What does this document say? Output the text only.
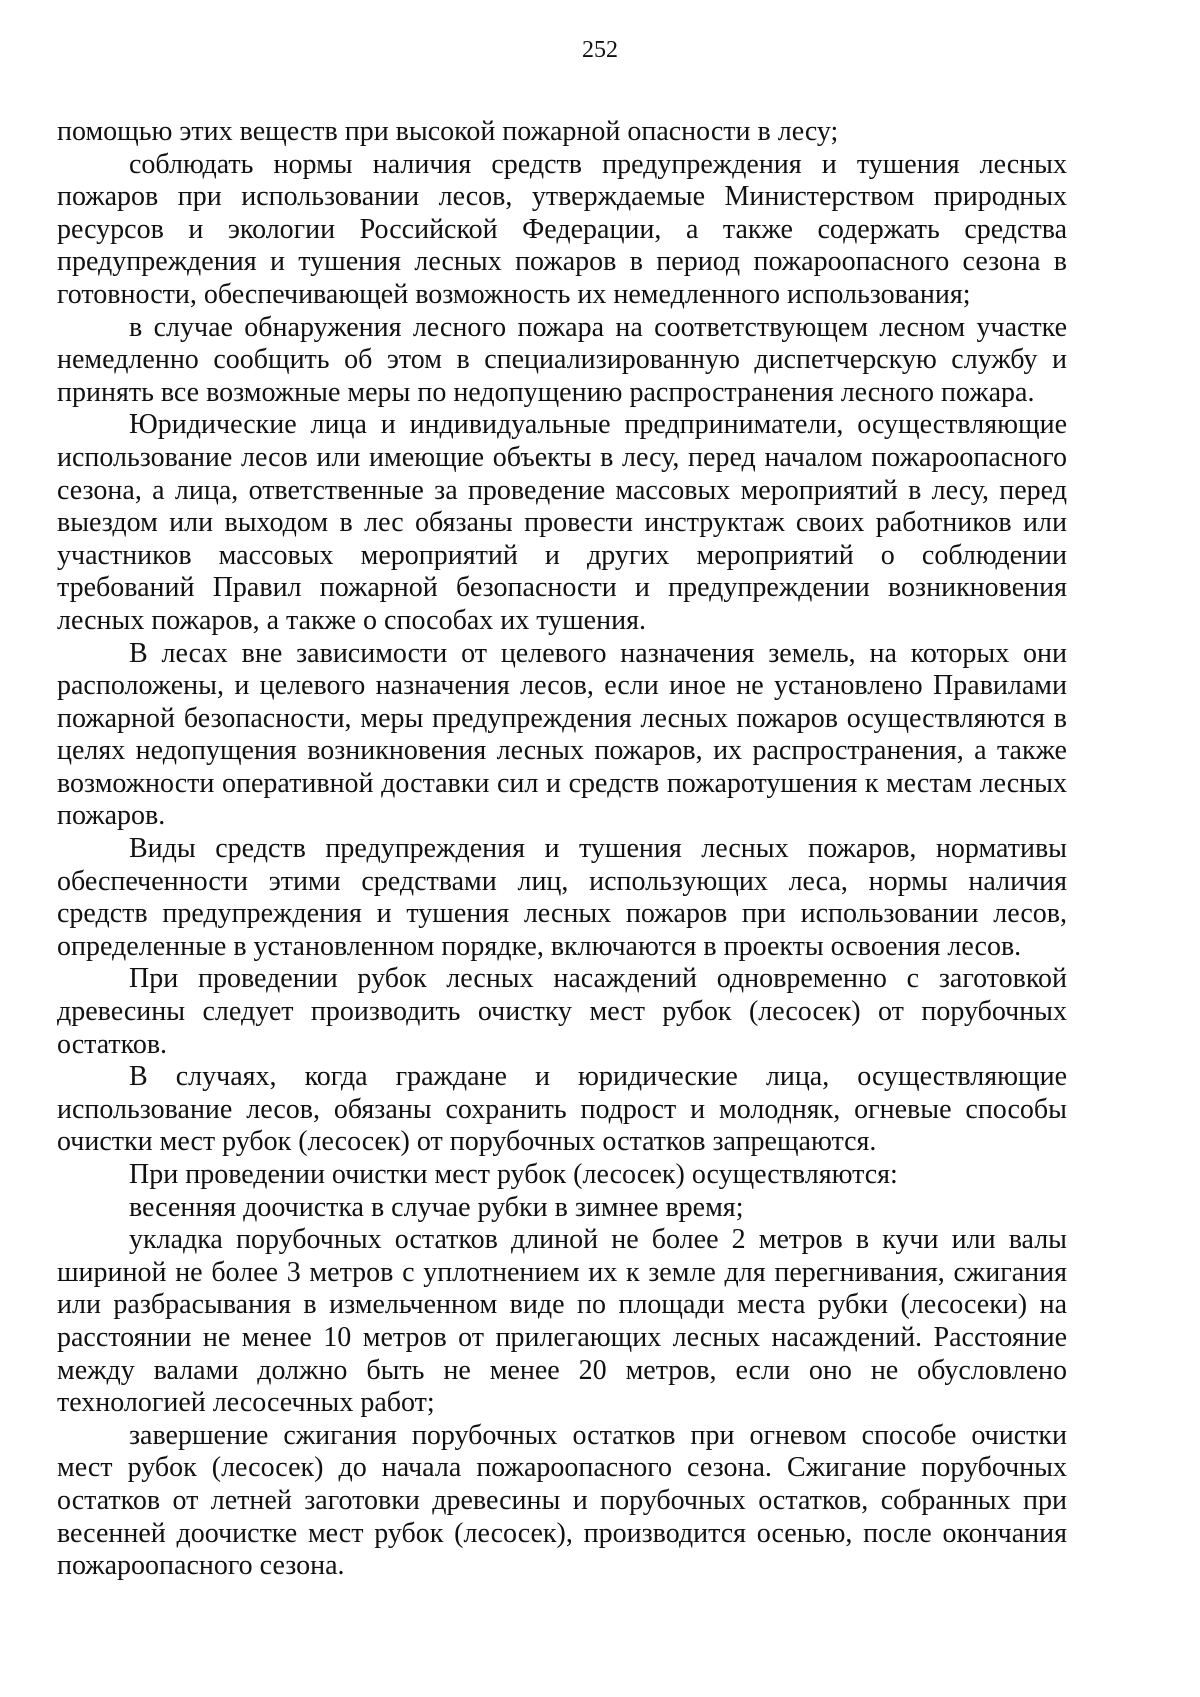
252

помощью этих веществ при высокой пожарной опасности в лесу;

соблюдать нормы наличия средств предупреждения и тушения лесных пожаров при использовании лесов, утверждаемые Министерством природных ресурсов и экологии Российской Федерации, а также содержать средства предупреждения и тушения лесных пожаров в период пожароопасного сезона в готовности, обеспечивающей возможность их немедленного использования;

в случае обнаружения лесного пожара на соответствующем лесном участке немедленно сообщить об этом в специализированную диспетчерскую службу и принять все возможные меры по недопущению распространения лесного пожара.

Юридические лица и индивидуальные предприниматели, осуществляющие использование лесов или имеющие объекты в лесу, перед началом пожароопасного сезона, а лица, ответственные за проведение массовых мероприятий в лесу, перед выездом или выходом в лес обязаны провести инструктаж своих работников или участников массовых мероприятий и других мероприятий о соблюдении требований Правил пожарной безопасности и предупреждении возникновения лесных пожаров, а также о способах их тушения.

В лесах вне зависимости от целевого назначения земель, на которых они расположены, и целевого назначения лесов, если иное не установлено Правилами пожарной безопасности, меры предупреждения лесных пожаров осуществляются в целях недопущения возникновения лесных пожаров, их распространения, а также возможности оперативной доставки сил и средств пожаротушения к местам лесных пожаров.

Виды средств предупреждения и тушения лесных пожаров, нормативы обеспеченности этими средствами лиц, использующих леса, нормы наличия средств предупреждения и тушения лесных пожаров при использовании лесов, определенные в установленном порядке, включаются в проекты освоения лесов.

При проведении рубок лесных насаждений одновременно с заготовкой древесины следует производить очистку мест рубок (лесосек) от порубочных остатков.

В случаях, когда граждане и юридические лица, осуществляющие использование лесов, обязаны сохранить подрост и молодняк, огневые способы очистки мест рубок (лесосек) от порубочных остатков запрещаются.

При проведении очистки мест рубок (лесосек) осуществляются:

весенняя доочистка в случае рубки в зимнее время;

укладка порубочных остатков длиной не более 2 метров в кучи или валы шириной не более 3 метров с уплотнением их к земле для перегнивания, сжигания или разбрасывания в измельченном виде по площади места рубки (лесосеки) на расстоянии не менее 10 метров от прилегающих лесных насаждений. Расстояние между валами должно быть не менее 20 метров, если оно не обусловлено технологией лесосечных работ;

завершение сжигания порубочных остатков при огневом способе очистки мест рубок (лесосек) до начала пожароопасного сезона. Сжигание порубочных остатков от летней заготовки древесины и порубочных остатков, собранных при весенней доочистке мест рубок (лесосек), производится осенью, после окончания пожароопасного сезона.
